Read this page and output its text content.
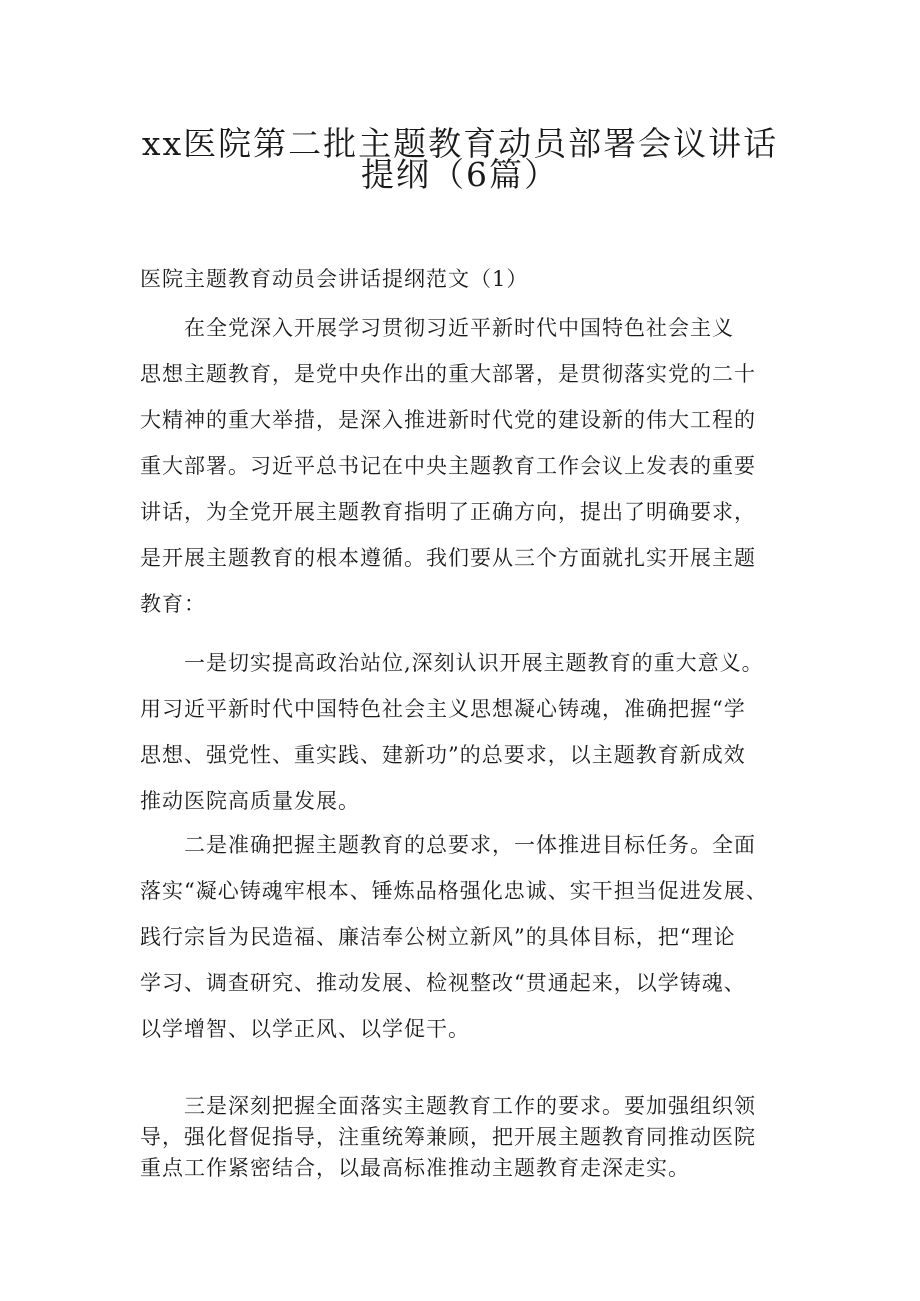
xx医院第二批主题教育动员部署会议讲话
提纲（6篇）
医院主题教育动员会讲话提纲范文（1）
在全党深入开展学习贯彻习近平新时代中国特色社会主义
思想主题教育，是党中央作出的重大部署，是贯彻落实党的二十
大精神的重大举措，是深入推进新时代党的建设新的伟大工程的
重大部署。习近平总书记在中央主题教育工作会议上发表的重要
讲话，为全党开展主题教育指明了正确方向，提出了明确要求，
是开展主题教育的根本遵循。我们要从三个方面就扎实开展主题
教育：
一是切实提高政治站位,深刻认识开展主题教育的重大意义。
用习近平新时代中国特色社会主义思想凝心铸魂，准确把握“学
思想、强党性、重实践、建新功”的总要求，以主题教育新成效
推动医院高质量发展。
二是准确把握主题教育的总要求，一体推进目标任务。全面
落实“凝心铸魂牢根本、锤炼品格强化忠诚、实干担当促进发展、
践行宗旨为民造福、廉洁奉公树立新风”的具体目标，把“理论
学习、调查研究、推动发展、检视整改“贯通起来，以学铸魂、
以学增智、以学正风、以学促干。
三是深刻把握全面落实主题教育工作的要求。要加强组织领
导，强化督促指导，注重统筹兼顾，把开展主题教育同推动医院
重点工作紧密结合，以最高标准推动主题教育走深走实。
